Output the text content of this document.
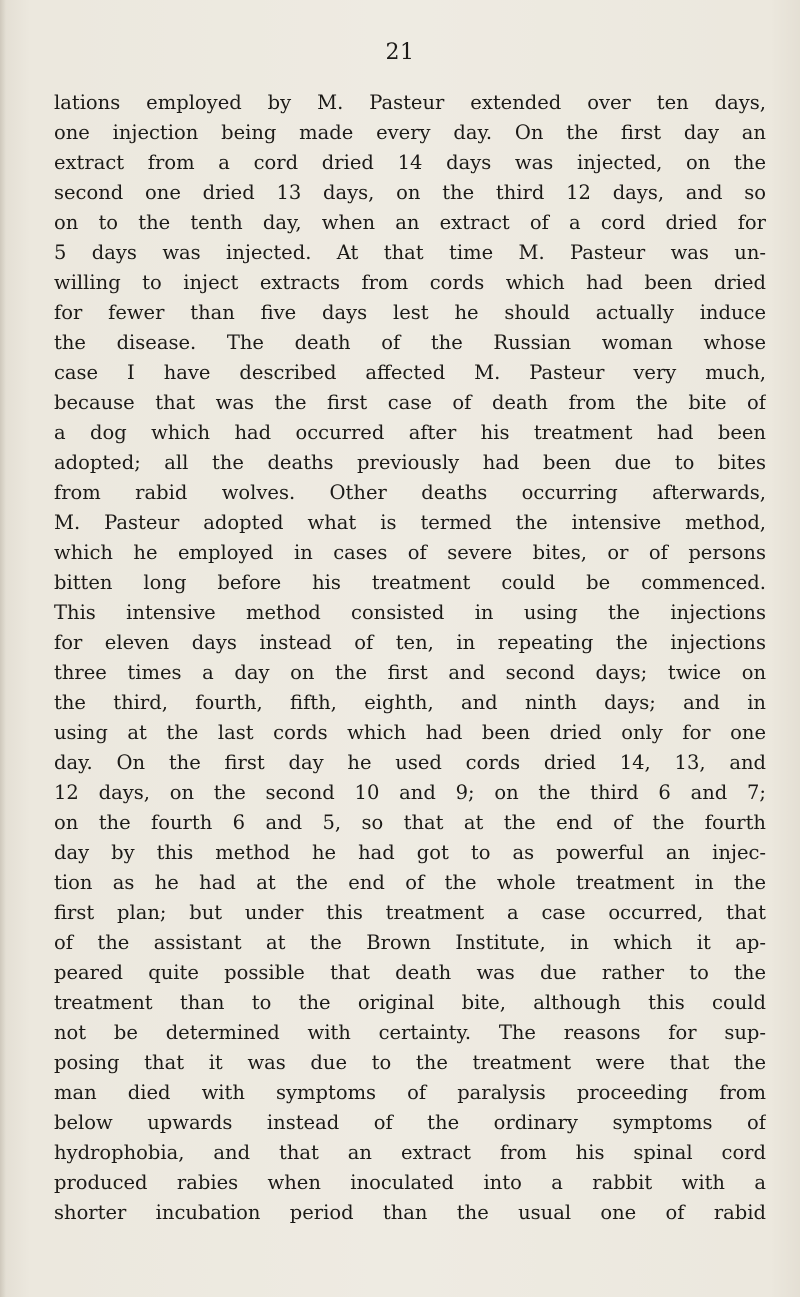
21
lations employed by M. Pasteur extended over ten days,
one injection being made every day. On the first day an
extract from a cord dried 14 days was injected, on the
second one dried 13 days, on the third 12 days, and so
on to the tenth day, when an extract of a cord dried for
5 days was injected. At that time M. Pasteur was un-
willing to inject extracts from cords which had been dried
for fewer than five days lest he should actually induce
the disease. The death of the Russian woman whose
case I have described affected M. Pasteur very much,
because that was the first case of death from the bite of
a dog which had occurred after his treatment had been
adopted; all the deaths previously had been due to bites
from rabid wolves. Other deaths occurring afterwards,
M. Pasteur adopted what is termed the intensive method,
which he employed in cases of severe bites, or of persons
bitten long before his treatment could be commenced.
This intensive method consisted in using the injections
for eleven days instead of ten, in repeating the injections
three times a day on the first and second days; twice on
the third, fourth, fifth, eighth, and ninth days; and in
using at the last cords which had been dried only for one
day. On the first day he used cords dried 14, 13, and
12 days, on the second 10 and 9; on the third 6 and 7;
on the fourth 6 and 5, so that at the end of the fourth
day by this method he had got to as powerful an injec-
tion as he had at the end of the whole treatment in the
first plan; but under this treatment a case occurred, that
of the assistant at the Brown Institute, in which it ap-
peared quite possible that death was due rather to the
treatment than to the original bite, although this could
not be determined with certainty. The reasons for sup-
posing that it was due to the treatment were that the
man died with symptoms of paralysis proceeding from
below upwards instead of the ordinary symptoms of
hydrophobia, and that an extract from his spinal cord
produced rabies when inoculated into a rabbit with a
shorter incubation period than the usual one of rabid
